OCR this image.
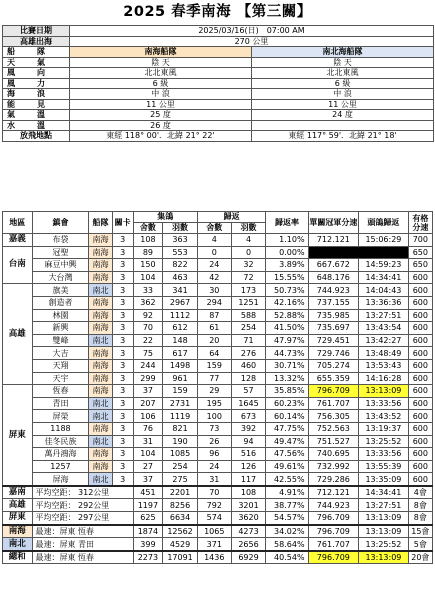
2025 春季南海 【第三關】
比賽日期	2025/03/16(日)　07:00 AM	
高雄出海	270 公里	
船　隊	南海船隊	南北海船隊
天　氣	陰 天	陰 天
風　向	北北東風	北北東風
風　力	6 級	6 級
海　浪	中 浪	中 浪
能　見	11 公里	11 公里
氣　溫	25 度	24 度
水　溫	26 度	
放飛地點	東經 118° 00'．北緯 21° 22'	東經 117° 59'．北緯 21° 18'
地區	鎮會	船隊	關卡	集鴿		歸返		歸返率	單關冠軍分速	頭鴿歸返	有格分速
				舍數	羽數	舍數	羽數				
嘉義	布袋	南海	3	108	363	4	4	1.10%	712.121	15:06:29	700
台南	冠聖	南海	3	89	553	0	0	0.00%			650
	麻豆中興	南海	3	150	822	24	32	3.89%	667.672	14:59:23	650
	大台灣	南海	3	104	463	42	72	15.55%	648.176	14:34:41	600
高雄	旗美	南北	3	33	341	30	173	50.73%	744.923	14:04:43	600
	創造者	南海	3	362	2967	294	1251	42.16%	737.155	13:36:36	600
	林園	南海	3	92	1112	87	588	52.88%	735.985	13:27:51	600
	新興	南海	3	70	612	61	254	41.50%	735.697	13:43:54	600
	雙峰	南北	3	22	148	20	71	47.97%	729.451	13:42:27	600
	大吉	南海	3	75	617	64	276	44.73%	729.746	13:48:49	600
	天翔	南海	3	244	1498	159	460	30.71%	705.274	13:53:43	600
	天宇	南海	3	299	961	77	128	13.32%	655.359	14:16:28	600
屏東	恆春	南海	3	37	159	29	57	35.85%	796.709	13:13:09	600
	青田	南北	3	207	2731	195	1645	60.23%	761.707	13:33:56	600
	屏榮	南北	3	106	1119	100	673	60.14%	756.305	13:43:52	600
	1188	南海	3	76	821	73	392	47.75%	752.563	13:19:37	600
	佳冬民族	南北	3	31	190	26	94	49.47%	751.527	13:25:52	600
	萬丹鴻海	南海	3	104	1085	96	516	47.56%	740.695	13:33:56	600
	1257	南海	3	27	254	24	126	49.61%	732.992	13:55:39	600
	屏海	南北	3	37	275	31	117	42.55%	729.286	13:35:09	600
嘉南	平均空距： 312公里			451	2201	70	108	4.91%	712.121	14:34:41	4會
高雄	平均空距： 292公里			1197	8256	792	3201	38.77%	744.923	13:27:51	8會
屏東	平均空距： 297公里			625	6634	574	3620	54.57%	796.709	13:13:09	8會
南海	最速：屏東 恆春			1874	12562	1065	4273	34.02%	796.709	13:13:09	15會
南北	最速：屏東 青田			399	4529	371	2656	58.64%	761.707	13:25:52	5會
總和	最速：屏東 恆春			2273	17091	1436	6929	40.54%	796.709	13:13:09	20會
